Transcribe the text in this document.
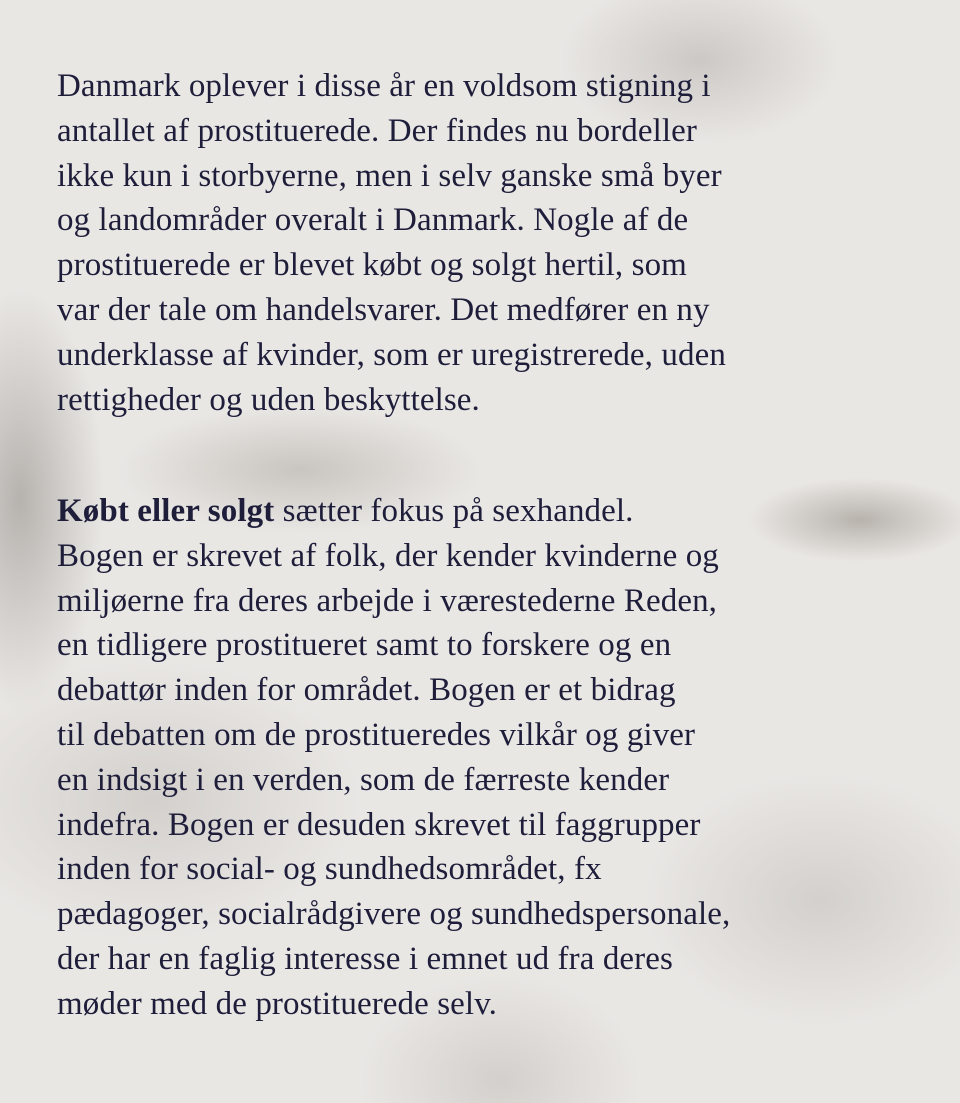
Danmark oplever i disse år en voldsom stigning i
antallet af prostituerede. Der findes nu bordeller
ikke kun i storbyerne, men i selv ganske små byer
og landområder overalt i Danmark. Nogle af de
prostituerede er blevet købt og solgt hertil, som
var der tale om handelsvarer. Det medfører en ny
underklasse af kvinder, som er uregistrerede, uden
rettigheder og uden beskyttelse.
Købt eller solgt sætter fokus på sexhandel.
Bogen er skrevet af folk, der kender kvinderne og
miljøerne fra deres arbejde i værestederne Reden,
en tidligere prostitueret samt to forskere og en
debattør inden for området. Bogen er et bidrag
til debatten om de prostitueredes vilkår og giver
en indsigt i en verden, som de færreste kender
indefra. Bogen er desuden skrevet til faggrupper
inden for social- og sundhedsområdet, fx
pædagoger, socialrådgivere og sundhedspersonale,
der har en faglig interesse i emnet ud fra deres
møder med de prostituerede selv.
